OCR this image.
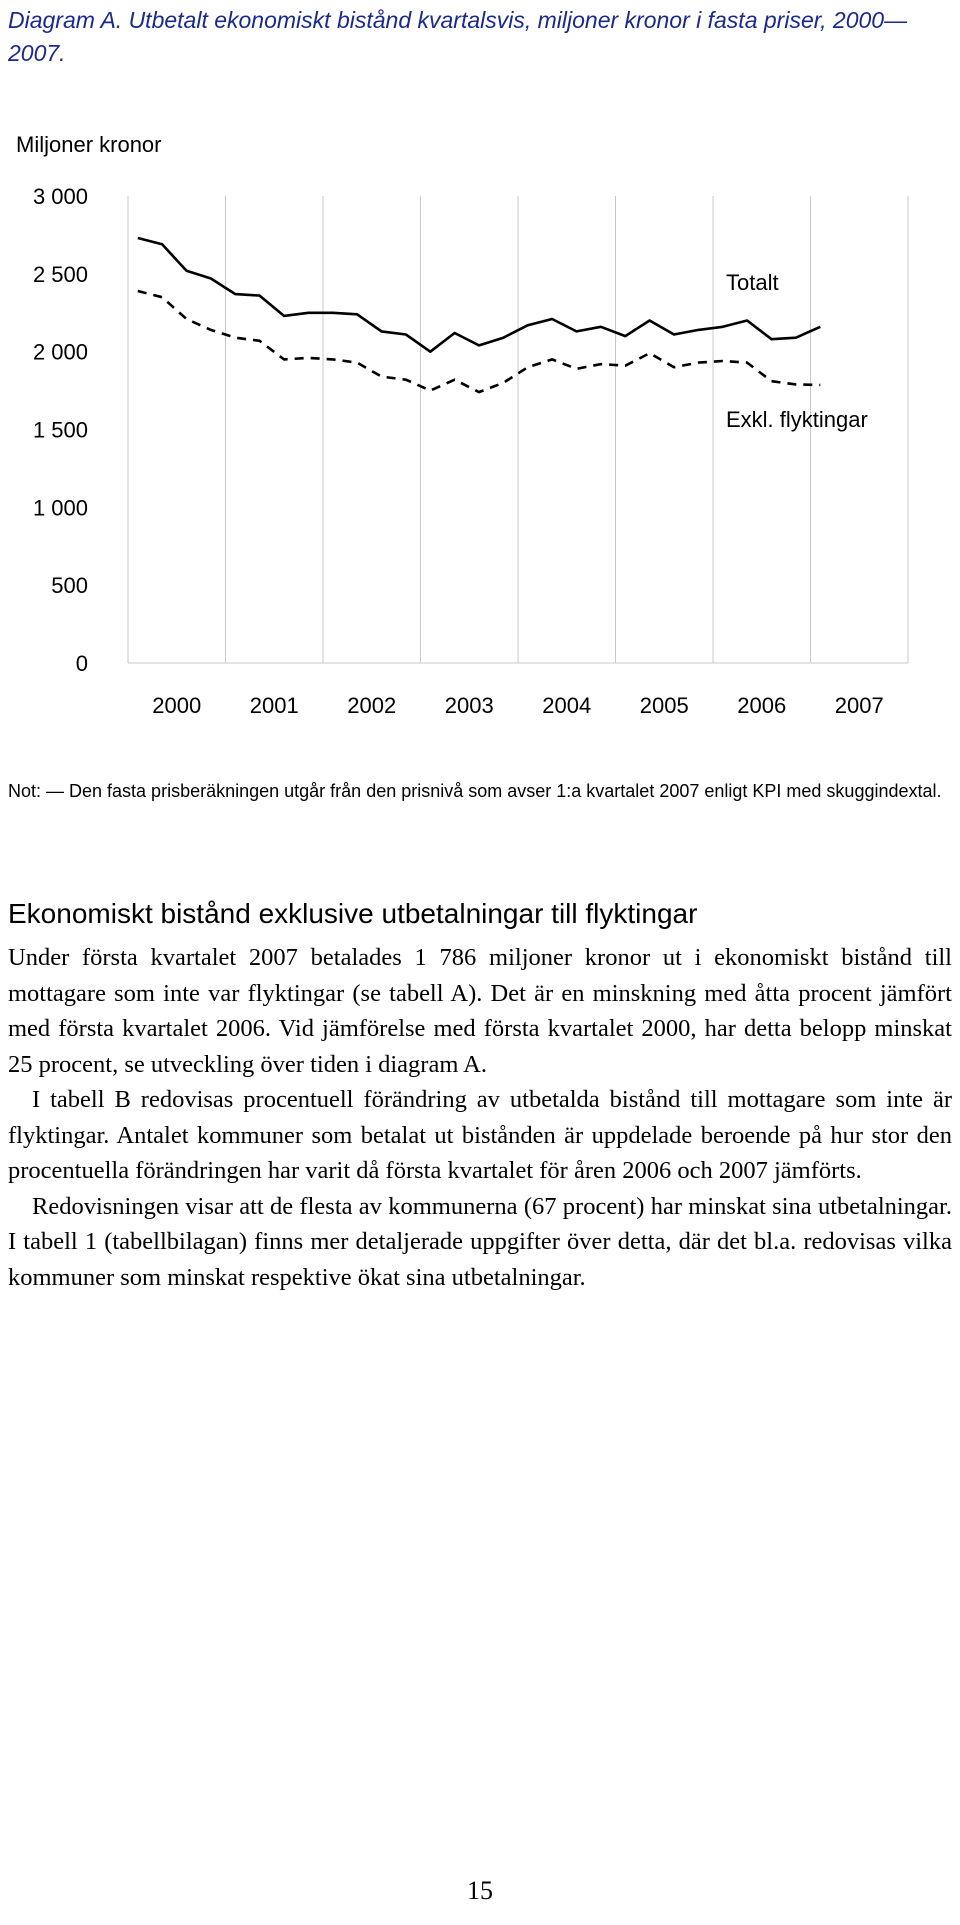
Diagram A. Utbetalt ekonomiskt bistånd kvartalsvis, miljoner kronor i fasta priser, 2000—2007.
Miljoner kronor
0
500
1 000
1 500
2 000
2 500
3 000
2000 2001 2002 2003 2004 2005 2006 2007
Totalt
Exkl. flyktingar
Not: — Den fasta prisberäkningen utgår från den prisnivå som avser 1:a kvartalet 2007 enligt KPI med skuggindextal.
Ekonomiskt bistånd exklusive utbetalningar till flyktingar

Under första kvartalet 2007 betalades 1 786 miljoner kronor ut i ekonomiskt bistånd till mottagare som inte var flyktingar (se tabell A). Det är en minskning med åtta procent jämfört med första kvartalet 2006. Vid jämförelse med första kvartalet 2000, har detta belopp minskat 25 procent, se utveckling över tiden i diagram A.

I tabell B redovisas procentuell förändring av utbetalda bistånd till mottagare som inte är flyktingar. Antalet kommuner som betalat ut bistånden är uppdelade beroende på hur stor den procentuella förändringen har varit då första kvartalet för åren 2006 och 2007 jämförts.

Redovisningen visar att de flesta av kommunerna (67 procent) har minskat sina utbetalningar. I tabell 1 (tabellbilagan) finns mer detaljerade uppgifter över detta, där det bl.a. redovisas vilka kommuner som minskat respektive ökat sina utbetalningar.

15
